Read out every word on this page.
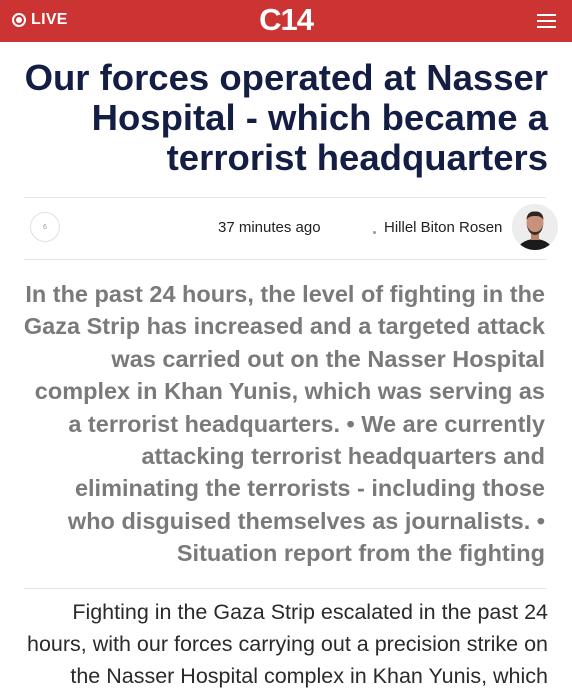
LIVE	C14
Our forces operated at Nasser Hospital - which became a terrorist headquarters
6	37 minutes ago	Hillel Biton Rosen

In the past 24 hours, the level of fighting in the Gaza Strip has increased and a targeted attack was carried out on the Nasser Hospital complex in Khan Yunis, which was serving as a terrorist headquarters. • We are currently attacking terrorist headquarters and eliminating the terrorists - including those who disguised themselves as journalists. • Situation report from the fighting

Fighting in the Gaza Strip escalated in the past 24 hours, with our forces carrying out a precision strike on the Nasser Hospital complex in Khan Yunis, which
